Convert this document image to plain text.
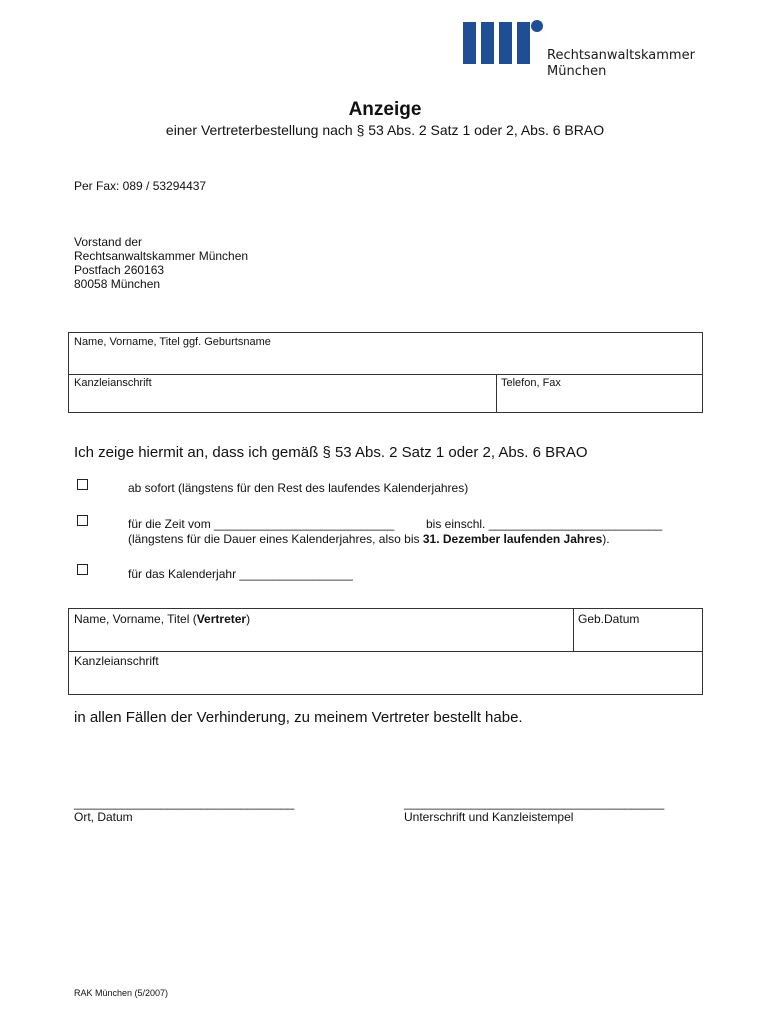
Rechtsanwaltskammer
München
Anzeige
einer Vertreterbestellung nach § 53 Abs. 2 Satz 1 oder 2, Abs. 6 BRAO
Per Fax: 089 / 53294437
Vorstand der
Rechtsanwaltskammer München
Postfach 260163
80058 München
Name, Vorname, Titel ggf. Geburtsname
Kanzleianschrift	Telefon, Fax
Ich zeige hiermit an, dass ich gemäß § 53 Abs. 2 Satz 1 oder 2, Abs. 6 BRAO
ab sofort (längstens für den Rest des laufendes Kalenderjahres)
für die Zeit vom ___________________________	bis einschl. __________________________
(längstens für die Dauer eines Kalenderjahres, also bis 31. Dezember laufenden Jahres).
für das Kalenderjahr _________________
Name, Vorname, Titel (Vertreter)	Geb.Datum
Kanzleianschrift
in allen Fällen der Verhinderung, zu meinem Vertreter bestellt habe.
_________________________________
Ort, Datum
_______________________________________
Unterschrift und Kanzleistempel
RAK München (5/2007)
